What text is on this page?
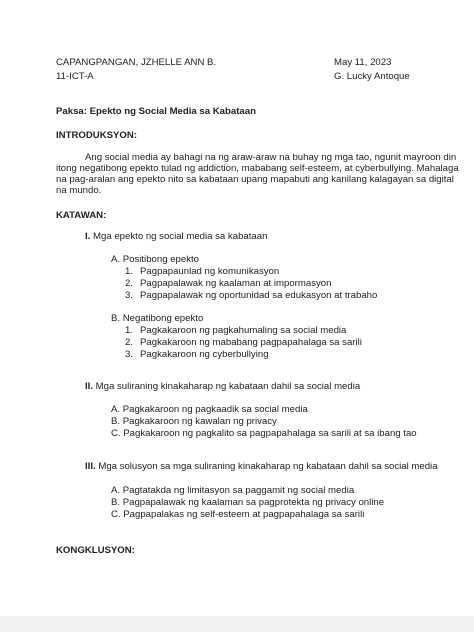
CAPANGPANGAN, JZHELLE ANN B.
11-ICT-A
May 11, 2023
G. Lucky Antoque
Paksa: Epekto ng Social Media sa Kabataan
INTRODUKSYON:
Ang social media ay bahagi na ng araw-araw na buhay ng mga tao, ngunit mayroon din
itong negatibong epekto tulad ng addiction, mababang self-esteem, at cyberbullying. Mahalaga
na pag-aralan ang epekto nito sa kabataan upang mapabuti ang kanilang kalagayan sa digital
na mundo.
KATAWAN:
I. Mga epekto ng social media sa kabataan
A. Positibong epekto
1. Pagpapaunlad ng komunikasyon
2. Pagpapalawak ng kaalaman at impormasyon
3. Pagpapalawak ng oportunidad sa edukasyon at trabaho
B. Negatibong epekto
1. Pagkakaroon ng pagkahumaling sa social media
2. Pagkakaroon ng mababang pagpapahalaga sa sarili
3. Pagkakaroon ng cyberbullying
II. Mga suliraning kinakaharap ng kabataan dahil sa social media
A. Pagkakaroon ng pagkaadik sa social media
B. Pagkakaroon ng kawalan ng privacy
C. Pagkakaroon ng pagkalito sa pagpapahalaga sa sarili at sa ibang tao
III. Mga solusyon sa mga suliraning kinakaharap ng kabataan dahil sa social media
A. Pagtatakda ng limitasyon sa paggamit ng social media
B. Pagpapalawak ng kaalaman sa pagprotekta ng privacy online
C. Pagpapalakas ng self-esteem at pagpapahalaga sa sarili
KONGKLUSYON:
